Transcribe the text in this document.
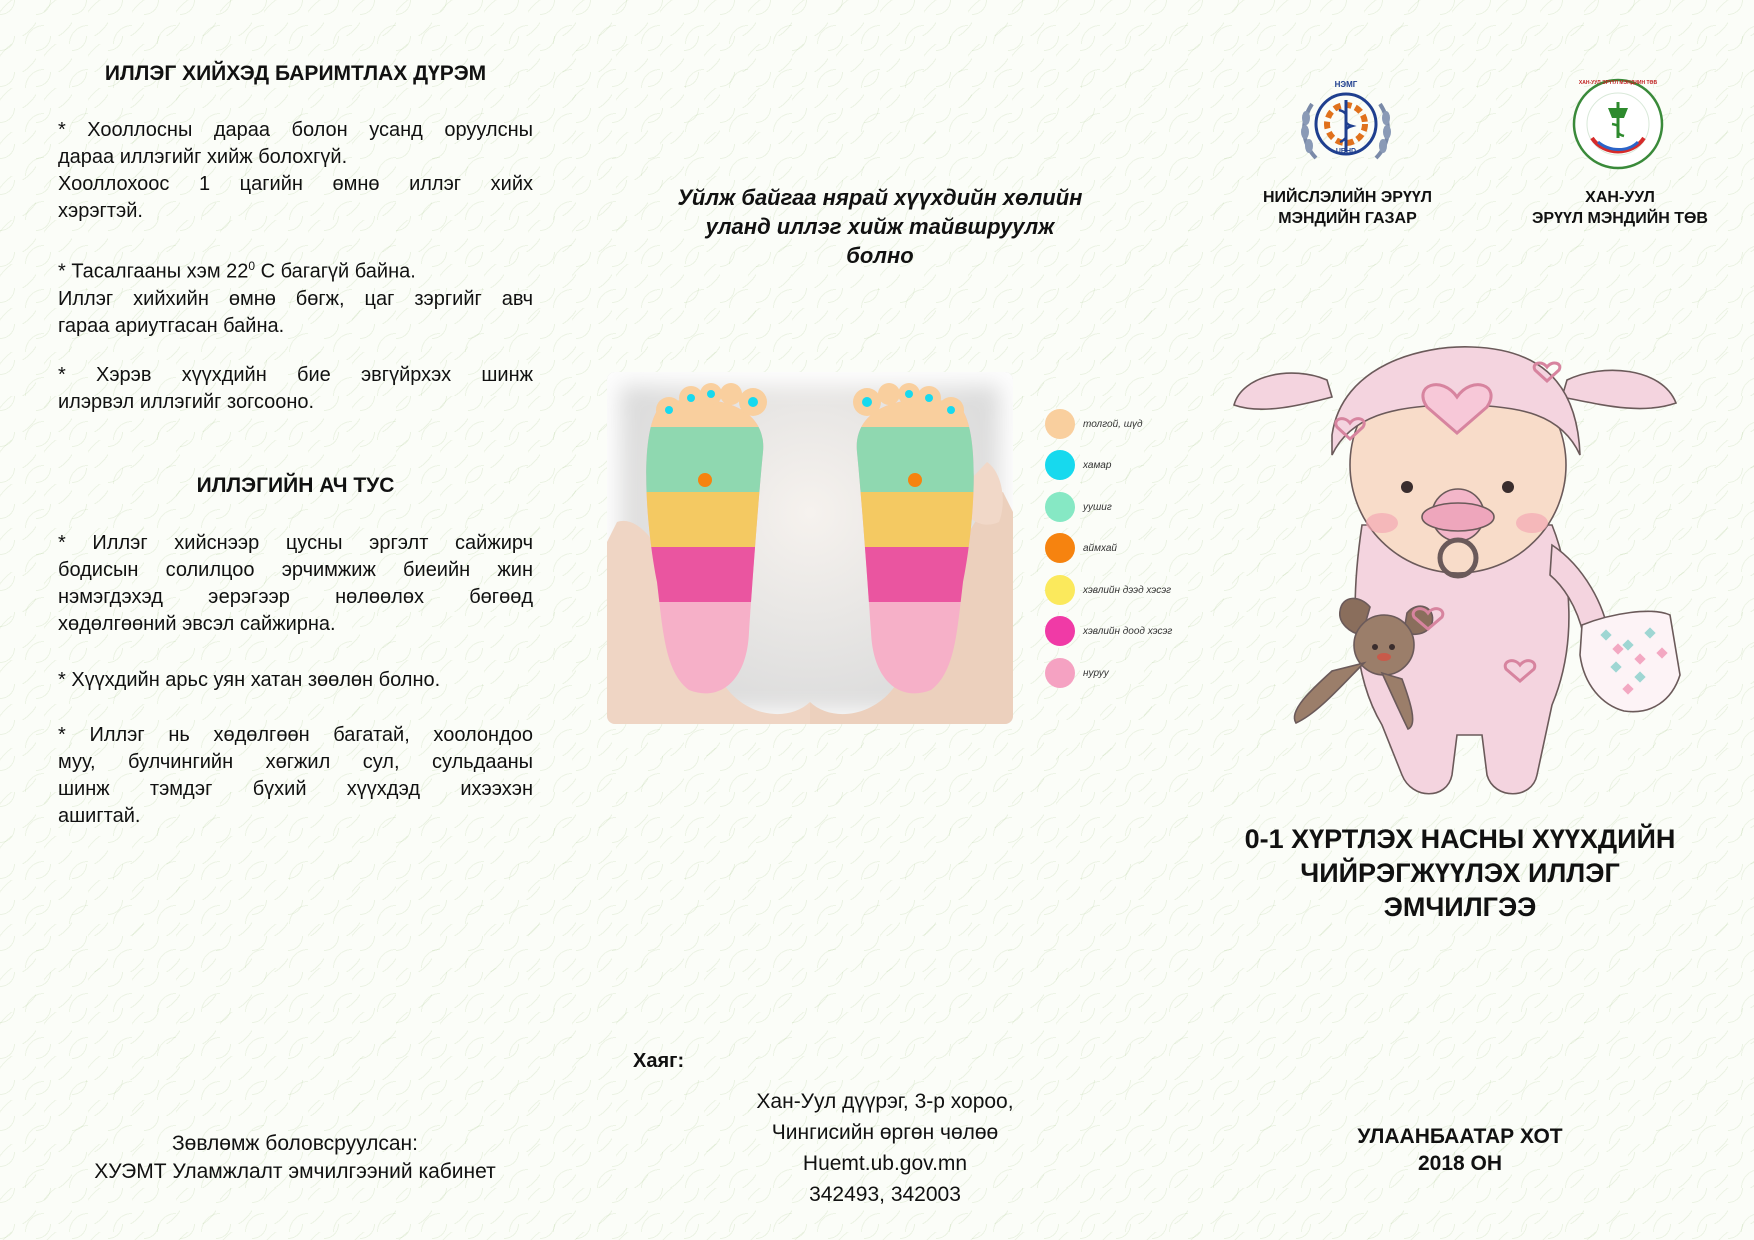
ИЛЛЭГ ХИЙХЭД БАРИМТЛАХ ДҮРЭМ
* Хооллосны дараа болон усанд оруулсны
дараа иллэгийг хийж болохгүй.
Хооллохоос 1 цагийн өмнө иллэг хийх
хэрэгтэй.
* Тасалгааны хэм $22^0$ С багагүй байна.
Иллэг хийхийн өмнө бөгж, цаг зэргийг авч
гараа ариутгасан байна.
* Хэрэв хүүхдийн бие эвгүйрхэх шинж
илэрвэл иллэгийг зогсооно.
ИЛЛЭГИЙН АЧ ТУС
* Иллэг хийснээр цусны эргэлт сайжирч
бодисын солилцоо эрчимжиж биеийн жин
нэмэгдэхэд эерэгээр нөлөөлөх бөгөөд
хөдөлгөөний эвсэл сайжирна.
* Хүүхдийн арьс уян хатан зөөлөн болно.
* Иллэг нь хөдөлгөөн багатай, хоолондоо
муу, булчингийн хөгжил сул, сульдааны
шинж тэмдэг бүхий хүүхдэд ихээхэн
ашигтай.
Зөвлөмж боловсруулсан:
ХУЭМТ Уламжлалт эмчилгээний кабинет
Уйлж байгаа нярай хүүхдийн хөлийн
уланд иллэг хийж тайвшруулж болно
толгой, шүд
хамар
уушиг
аймхай
хэвлийн дээд хэсэг
хэвлийн доод хэсэг
нуруу
Хаяг:
Хан-Уул дүүрэг, 3-р хороо,
Чингисийн өргөн чөлөө
Huemt.ub.gov.mn
342493, 342003
НЭМГ
UBHD
НИЙСЛЭЛИЙН ЭРҮҮЛ
МЭНДИЙН ГАЗАР
ХАН-УУЛ ЭРҮҮЛ МЭНДИЙН ТӨВ
ХАН-УУЛ
ЭРҮҮЛ МЭНДИЙН ТӨВ
0-1 ХҮРТЛЭХ НАСНЫ ХҮҮХДИЙН
ЧИЙРЭГЖҮҮЛЭХ ИЛЛЭГ
ЭМЧИЛГЭЭ
УЛААНБААТАР ХОТ
2018 ОН
